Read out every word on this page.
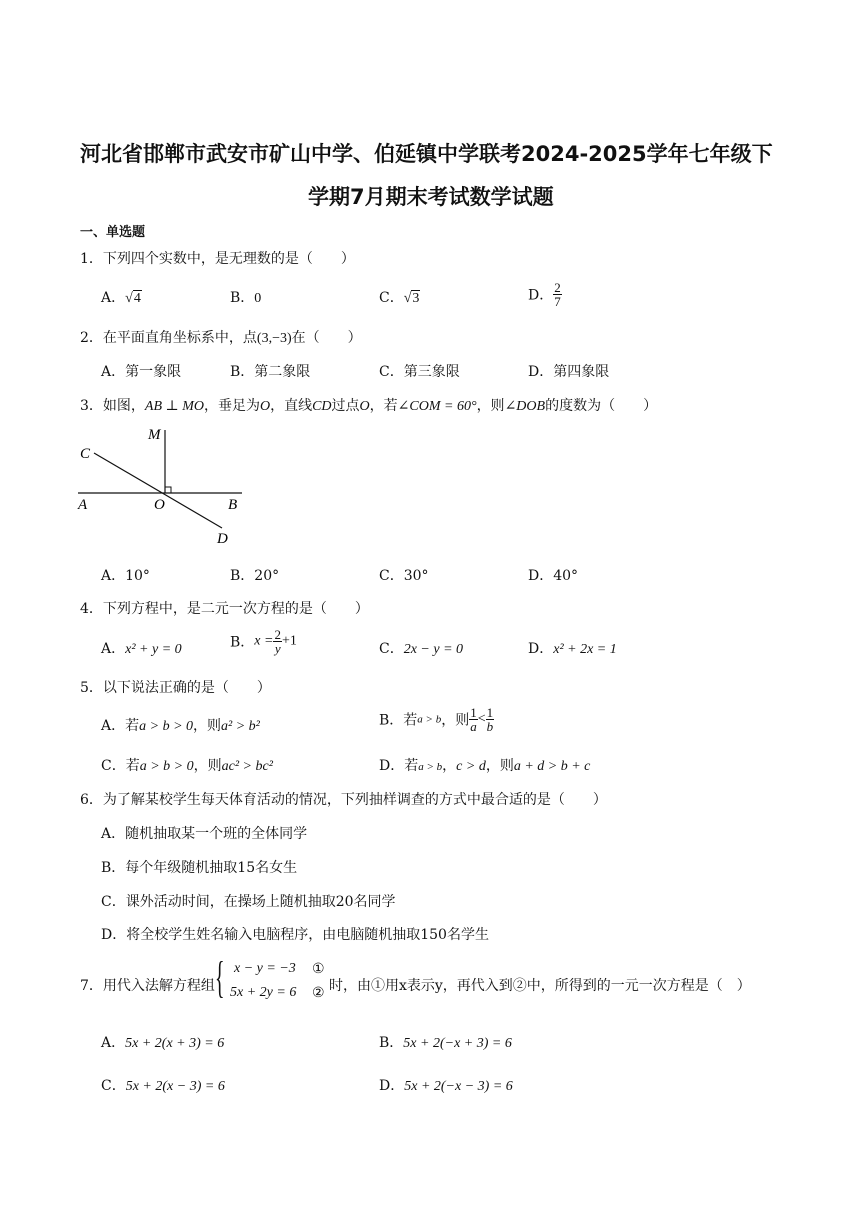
河北省邯郸市武安市矿山中学、伯延镇中学联考2024-2025学年七年级下
学期7月期末考试数学试题
一、单选题
1．下列四个实数中，是无理数的是（　　）
A．√4	B．0	C．√3	D． $\frac{2}{7}$
2．在平面直角坐标系中，点(3,−3)在（　　）
A．第一象限	B．第二象限	C．第三象限	D．第四象限
3．如图，AB ⊥ MO，垂足为O，直线CD过点O，若∠COM = 60°，则∠DOB的度数为（　　）
M
C
A	O	B
D
A．10°	B．20°	C．30°	D．40°
4．下列方程中，是二元一次方程的是（　　）
A．x² + y = 0	B．$x = \frac{2}{y} +1$	C．2x − y = 0	D．x² + 2x = 1
5．以下说法正确的是（　　）
A．若a > b > 0，则a² > b²	B．若a > b，则 $\frac{1}{a} < \frac{1}{b}$
C．若a > b > 0，则ac² > bc²	D．若a > b，c > d，则a + d > b + c
6．为了解某校学生每天体育活动的情况，下列抽样调查的方式中最合适的是（　　）
A．随机抽取某一个班的全体同学
B．每个年级随机抽取15名女生
C．课外活动时间，在操场上随机抽取20名同学
D．将全校学生姓名输入电脑程序，由电脑随机抽取150名学生
7．用代入法解方程组 { x − y = −3
5x + 2y = 6
①
② 时，由①用x表示y，再代入到②中，所得到的一元一次方程是（　）
A．5x + 2(x + 3) = 6	B．5x + 2(−x + 3) = 6
C．5x + 2(x − 3) = 6	D．5x + 2(−x − 3) = 6
